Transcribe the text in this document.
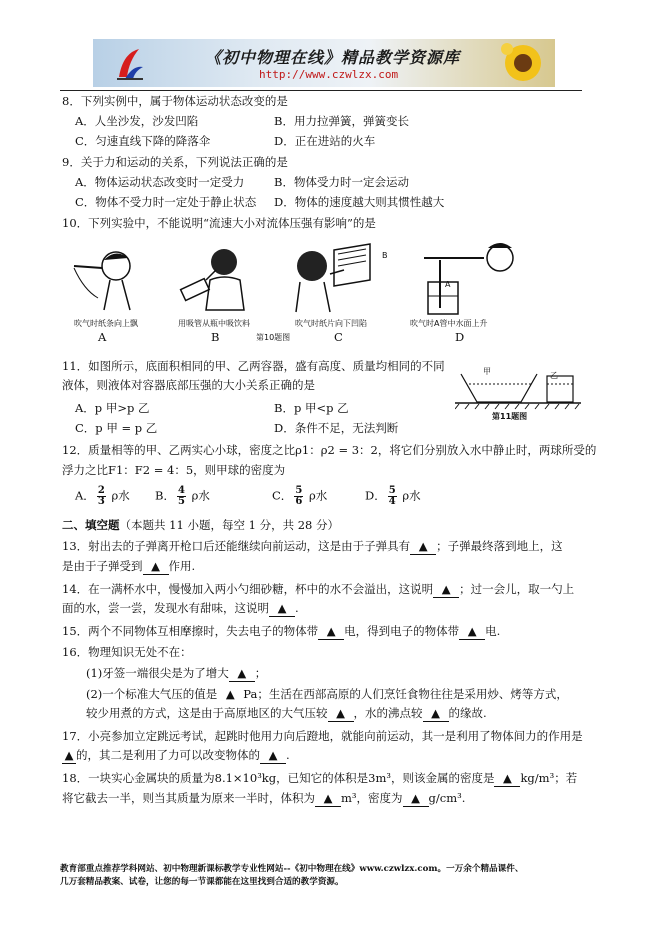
《初中物理在线》精品教学资源库
http://www.czwlzx.com
8．下列实例中，属于物体运动状态改变的是
A．人坐沙发，沙发凹陷	B．用力拉弹簧，弹簧变长
C．匀速直线下降的降落伞	D．正在进站的火车
9．关于力和运动的关系，下列说法正确的是
A．物体运动状态改变时一定受力	B．物体受力时一定会运动
C．物体不受力时一定处于静止状态 D．物体的速度越大则其惯性越大
10．下列实验中，不能说明“流速大小对流体压强有影响”的是
B
A
吹气时纸条向上飘	用吸管从瓶中吸饮料	吹气时纸片向下凹陷	吹气时A管中水面上升
A	B	C	D
第10题图
11．如图所示，底面积相同的甲、乙两容器，盛有高度、质量均相同的不同
液体，则液体对容器底部压强的大小关系正确的是
A．p 甲>p 乙	B．p 甲<p 乙
C．p 甲 = p 乙	D．条件不足，无法判断
甲	乙
第11题图
12．质量相等的甲、乙两实心小球，密度之比ρ1：ρ2 = 3：2，将它们分别放入水中静止时，两球所受的
浮力之比F1：F2 = 4：5，则甲球的密度为
A． $\frac{2}{3}$ ρ水 B． $\frac{4}{5}$ ρ水	C． $\frac{5}{6}$ ρ水	D． $\frac{5}{4}$ ρ水
二、填空题（本题共 11 小题，每空 1 分，共 28 分）
13．射出去的子弹离开枪口后还能继续向前运动，这是由于子弹具有 ▲ ；子弹最终落到地上，这
是由于子弹受到 ▲ 作用.
14．在一满杯水中，慢慢加入两小勺细砂糖，杯中的水不会溢出，这说明 ▲ ；过一会儿，取一勺上
面的水，尝一尝，发现水有甜味，这说明 ▲ .
15．两个不同物体互相摩擦时，失去电子的物体带 ▲ 电，得到电子的物体带 ▲ 电.
16．物理知识无处不在：
(1)牙签一端很尖是为了增大 ▲ ；
(2)一个标准大气压的值是 ▲ Pa；生活在西部高原的人们烹饪食物往往是采用炒、烤等方式，
较少用煮的方式，这是由于高原地区的大气压较 ▲ ，水的沸点较 ▲ 的缘故.
17．小亮参加立定跳远考试，起跳时他用力向后蹬地，就能向前运动，其一是利用了物体间力的作用是
▲ 的，其二是利用了力可以改变物体的 ▲ .
18．一块实心金属块的质量为8.1×10³kg，已知它的体积是3m³，则该金属的密度是 ▲ kg/m³；若
将它截去一半，则当其质量为原来一半时，体积为 ▲ m³，密度为 ▲ g/cm³.
教育部重点推荐学科网站、初中物理新课标教学专业性网站--《初中物理在线》www.czwlzx.com。一万余个精品课件、
几万套精品教案、试卷，让您的每一节课都能在这里找到合适的教学资源。
